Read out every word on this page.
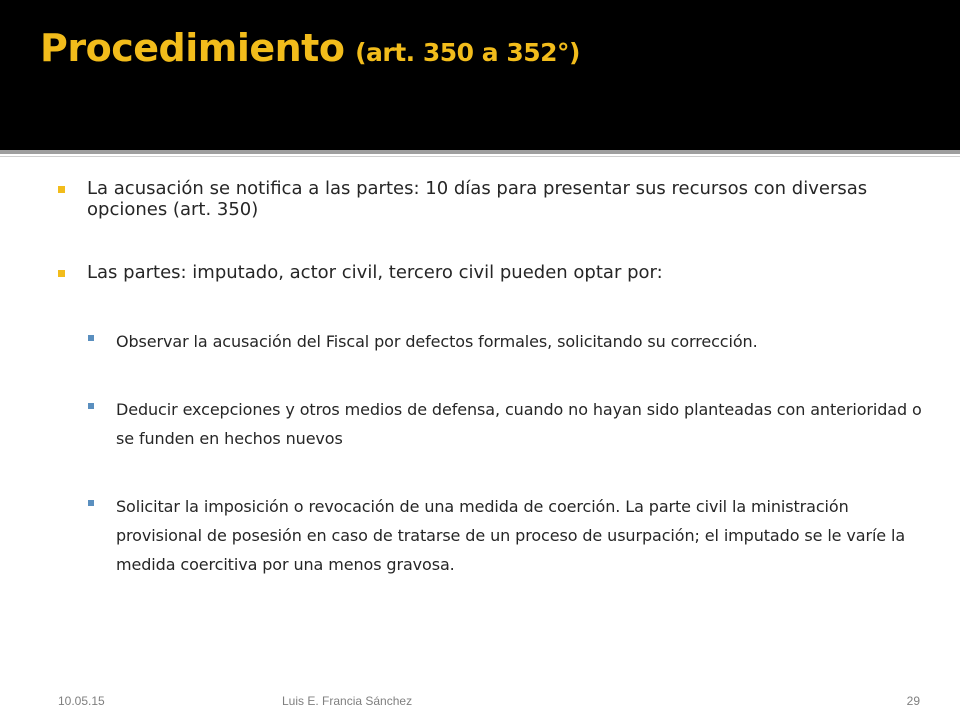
Procedimiento (art. 350 a 352°)
La acusación se notifica a las partes: 10 días para presentar sus recursos con diversas opciones (art. 350)
Las partes: imputado, actor civil, tercero civil pueden optar por:
Observar la acusación del Fiscal por defectos formales, solicitando su corrección.
Deducir excepciones y otros medios de defensa, cuando no hayan sido planteadas con anterioridad o se funden en hechos nuevos
Solicitar la imposición o revocación de una medida de coerción. La parte civil la ministración provisional de posesión en caso de tratarse de un proceso de usurpación; el imputado se le varíe la medida coercitiva por una menos gravosa.
10.05.15	Luis E. Francia Sánchez	29
